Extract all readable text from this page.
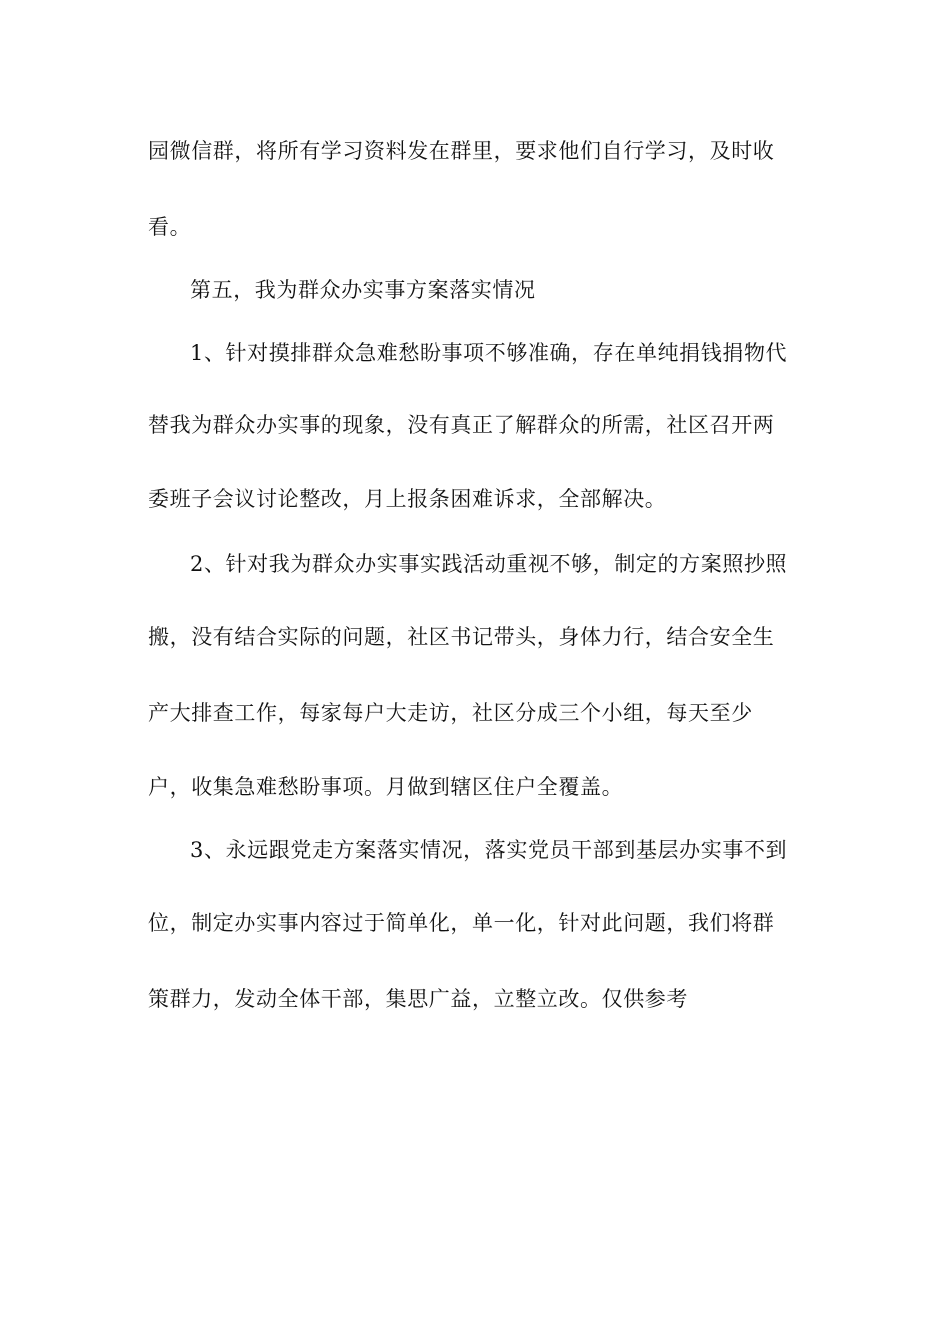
园微信群，将所有学习资料发在群里，要求他们自行学习，及时收
看。
第五，我为群众办实事方案落实情况
1、针对摸排群众急难愁盼事项不够准确，存在单纯捐钱捐物代
替我为群众办实事的现象，没有真正了解群众的所需，社区召开两
委班子会议讨论整改，月上报条困难诉求，全部解决。
2、针对我为群众办实事实践活动重视不够，制定的方案照抄照
搬，没有结合实际的问题，社区书记带头，身体力行，结合安全生
产大排查工作，每家每户大走访，社区分成三个小组，每天至少
户，收集急难愁盼事项。月做到辖区住户全覆盖。
3、永远跟党走方案落实情况，落实党员干部到基层办实事不到
位，制定办实事内容过于简单化，单一化，针对此问题，我们将群
策群力，发动全体干部，集思广益，立整立改。仅供参考
